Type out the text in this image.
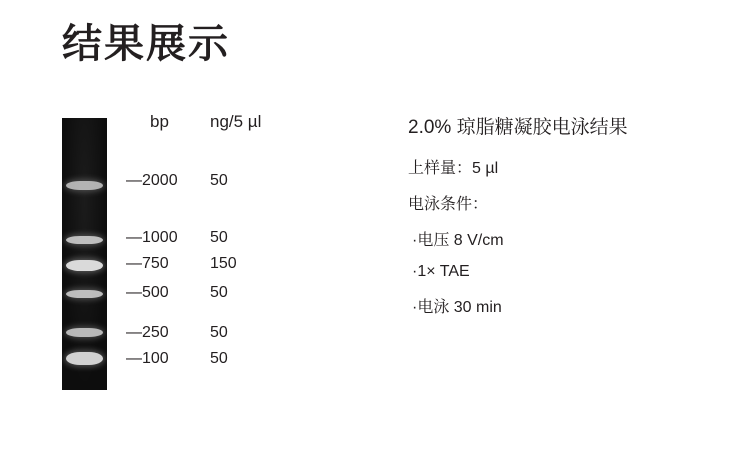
结果展示
bp ng/5 µl
— 2000	50
— 1000	50
— 750	150
— 500	50
— 250	50
— 100	50
2.0% 琼脂糖凝胶电泳结果
上样量：5 µl
电泳条件：
·电压 8 V/cm
·1× TAE
·电泳 30 min
